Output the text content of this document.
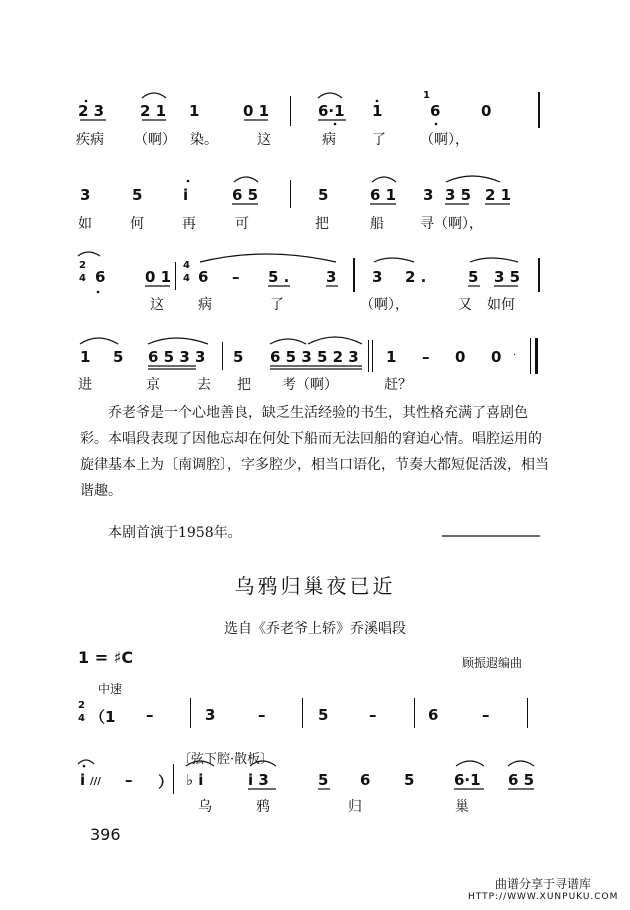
2 3 2 1 1	0 1	6·1 1
1
6	0
疾病 （啊） 染。	这	病	了 （啊），
3	5	i	6 5	5	6 1 3 3 5 2 1
如	何	再	可	把	船	寻（啊），
2
4 6	0 1
4
4 6 – 5 . 3 3 2 .	5 3 5
这 病	了	（啊），	又 如何
1 5 6 5 3 3 5 6 5 3 5 2 3 1 – 0 0 ·
进	京	去 把 考（啊）	赶？
2
4 （1 –	3	–	5	–	6	–
〔弦下腔·散板〕
i /// – ） ♭ i	i 3	5 6 5	6·1 6 5
乌	鸦	归	巢
乔老爷是一个心地善良，缺乏生活经验的书生，其性格充满了喜剧色彩。本唱段表现了因他忘却在何处下船而无法回船的窘迫心情。唱腔运用的旋律基本上为〔南调腔〕，字多腔少，相当口语化，节奏大都短促活泼，相当谐趣。
本剧首演于1958年。
乌鸦归巢夜已近
选自《乔老爷上轿》乔溪唱段
1 = ♯C	顾振遐编曲
中速
396
曲谱分享于寻谱库
HTTP://WWW.XUNPUKU.COM
